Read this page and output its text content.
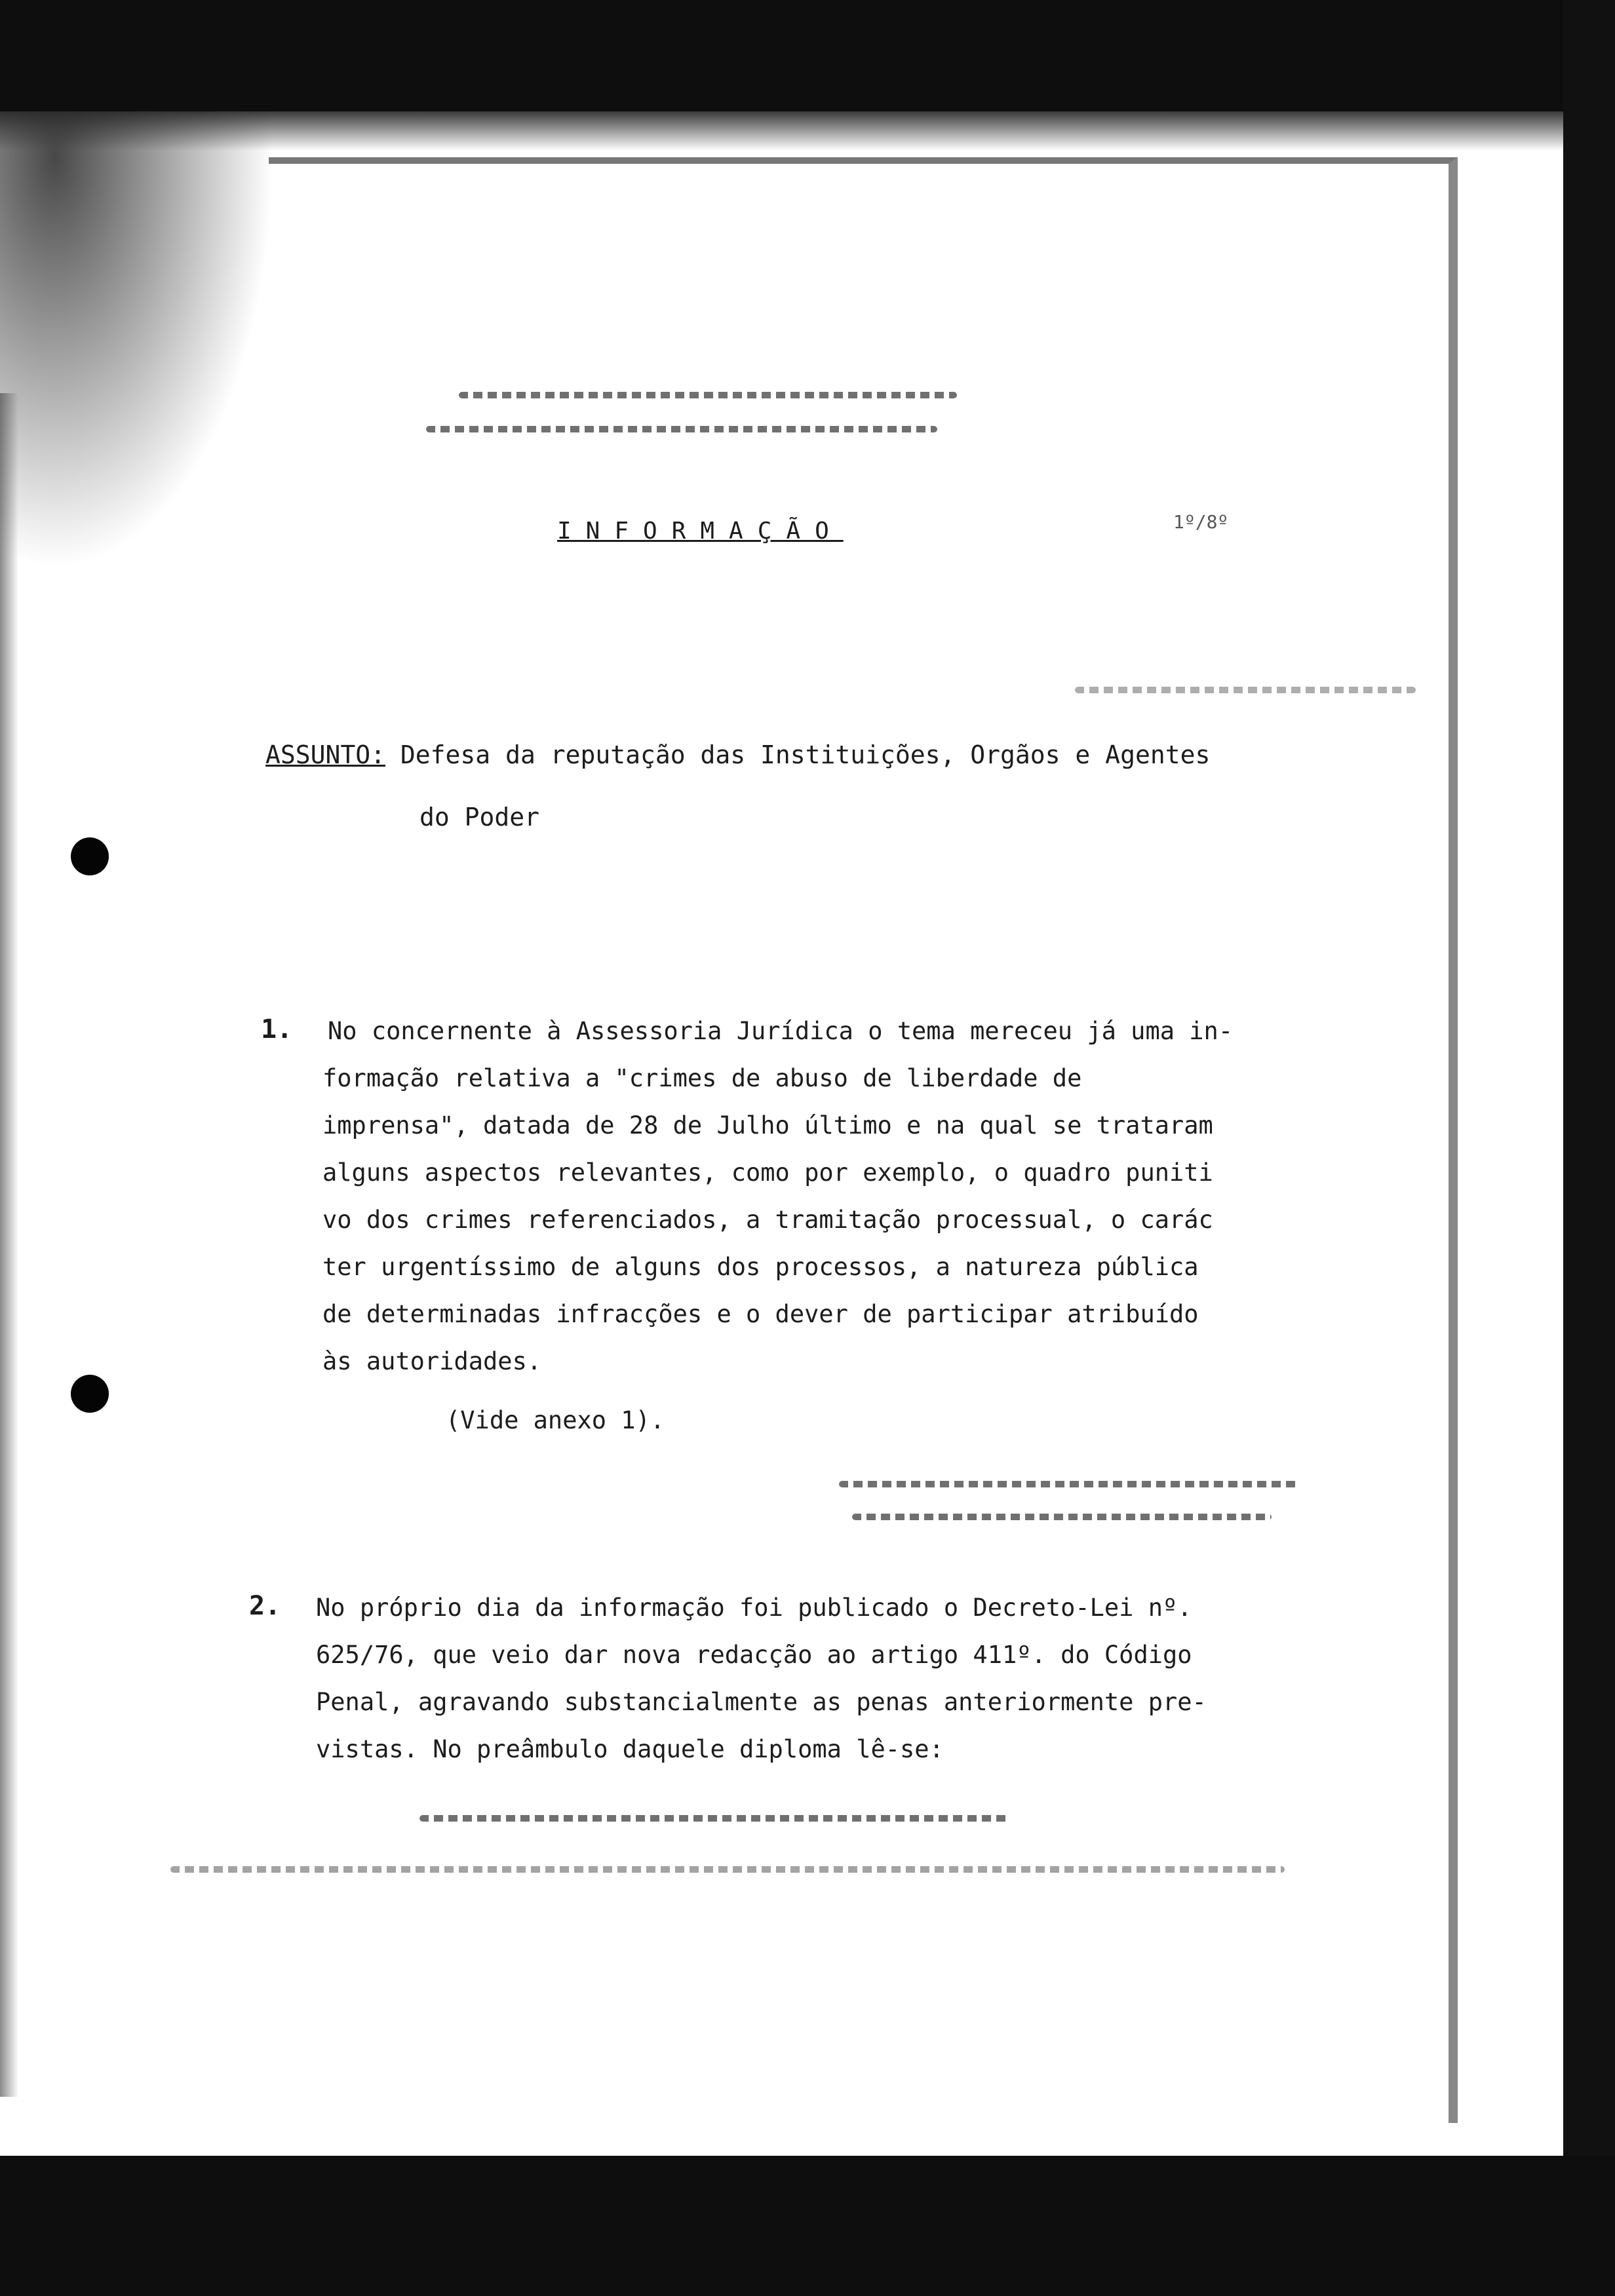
INFORMAÇÃO	1º/8º
ASSUNTO: Defesa da reputação das Instituições, Orgãos e Agentes
do Poder
1. No concernente à Assessoria Jurídica o tema mereceu já uma in-
formação relativa a "crimes de abuso de liberdade de
imprensa", datada de 28 de Julho último e na qual se trataram
alguns aspectos relevantes, como por exemplo, o quadro puniti
vo dos crimes referenciados, a tramitação processual, o carác
ter urgentíssimo de alguns dos processos, a natureza pública
de determinadas infracções e o dever de participar atribuído
às autoridades.
(Vide anexo 1).
2. No próprio dia da informação foi publicado o Decreto-Lei nº.
625/76, que veio dar nova redacção ao artigo 411º. do Código
Penal, agravando substancialmente as penas anteriormente pre-
vistas. No preâmbulo daquele diploma lê-se:
